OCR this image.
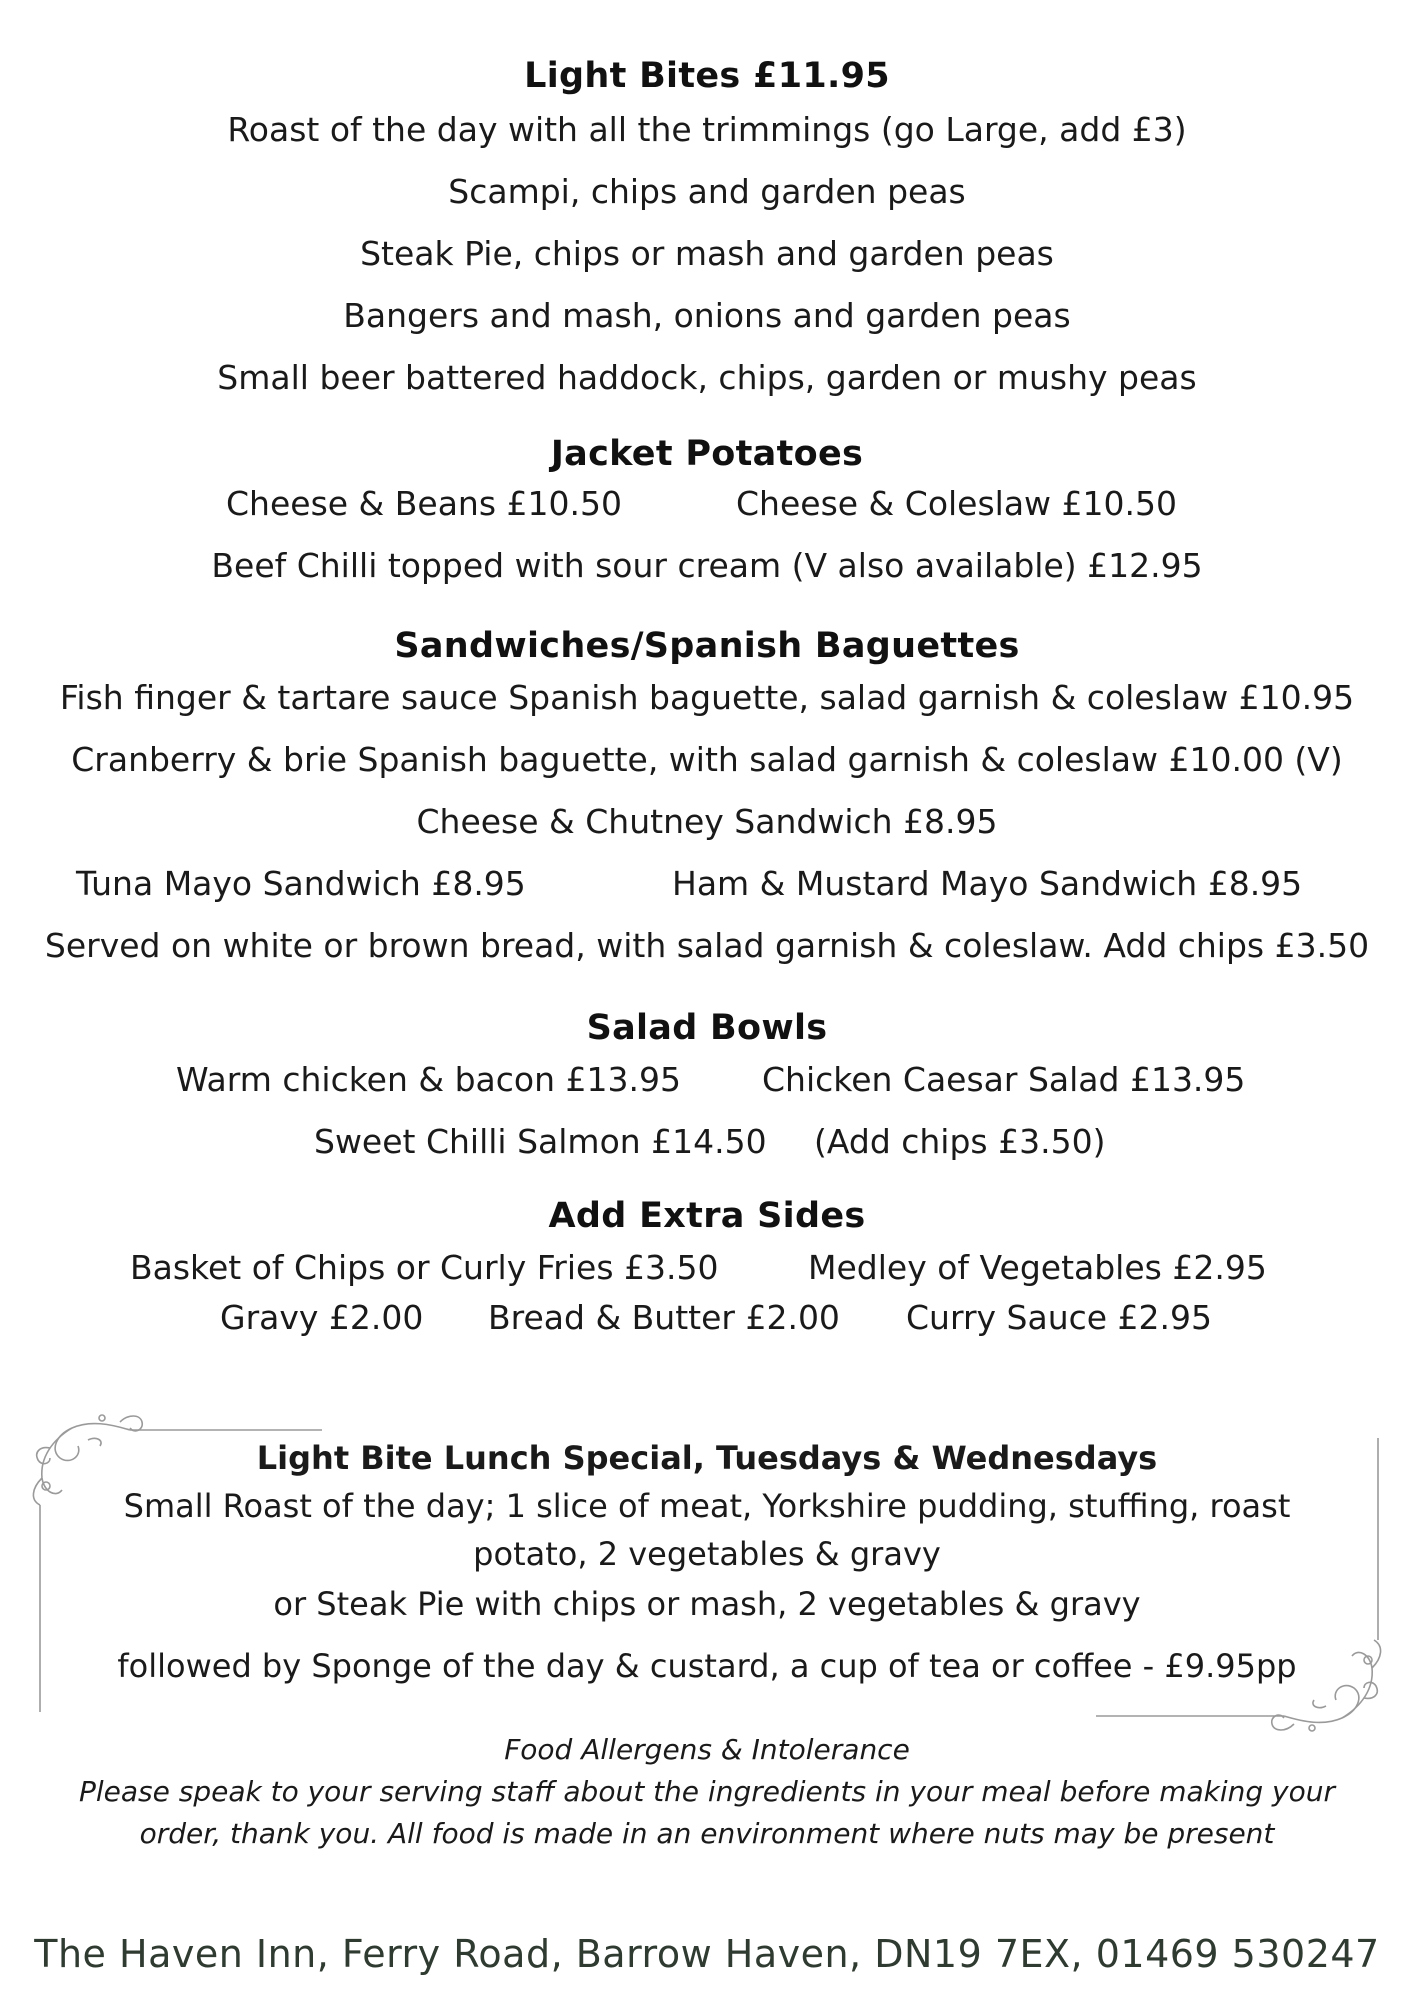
Light Bites £11.95
Roast of the day with all the trimmings (go Large, add £3)
Scampi, chips and garden peas
Steak Pie, chips or mash and garden peas
Bangers and mash, onions and garden peas
Small beer battered haddock, chips, garden or mushy peas
Jacket Potatoes
Cheese & Beans £10.50	Cheese & Coleslaw £10.50
Beef Chilli topped with sour cream (V also available) £12.95
Sandwiches/Spanish Baguettes
Fish finger & tartare sauce Spanish baguette, salad garnish & coleslaw £10.95
Cranberry & brie Spanish baguette, with salad garnish & coleslaw £10.00 (V)
Cheese & Chutney Sandwich £8.95
Tuna Mayo Sandwich £8.95	Ham & Mustard Mayo Sandwich £8.95
Served on white or brown bread, with salad garnish & coleslaw. Add chips £3.50
Salad Bowls
Warm chicken & bacon £13.95 Chicken Caesar Salad £13.95
Sweet Chilli Salmon £14.50 (Add chips £3.50)
Add Extra Sides
Basket of Chips or Curly Fries £3.50	Medley of Vegetables £2.95
Gravy £2.00 Bread & Butter £2.00 Curry Sauce £2.95
Light Bite Lunch Special, Tuesdays & Wednesdays
Small Roast of the day; 1 slice of meat, Yorkshire pudding, stuffing, roast
potato, 2 vegetables & gravy
or Steak Pie with chips or mash, 2 vegetables & gravy
followed by Sponge of the day & custard, a cup of tea or coffee - £9.95pp
Food Allergens & Intolerance
Please speak to your serving staff about the ingredients in your meal before making your
order, thank you. All food is made in an environment where nuts may be present
The Haven Inn, Ferry Road, Barrow Haven, DN19 7EX, 01469 530247
